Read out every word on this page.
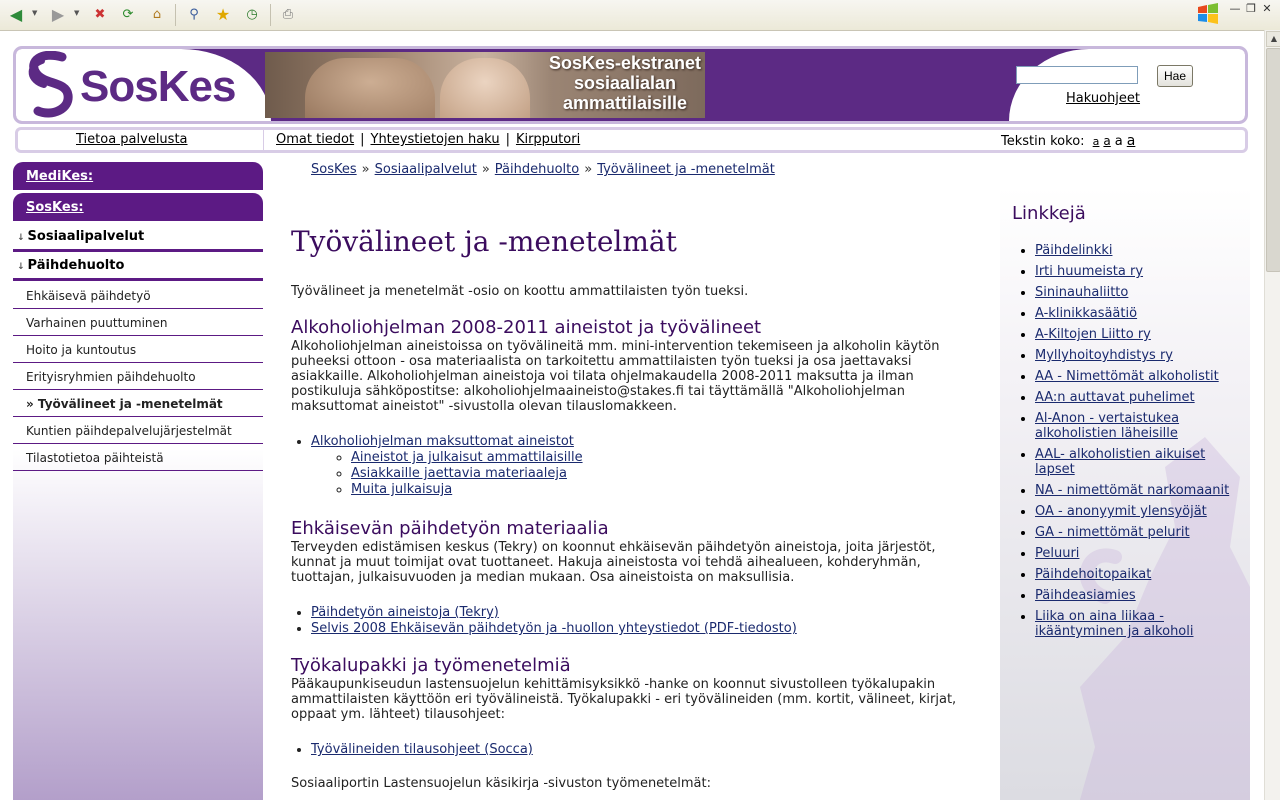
◀	▼ ▶	▼	✖	⟳	⌂	⚲	★	◷	⎙	— ❐ ✕
▲
SosKes	SosKes-ekstranet sosiaalialan ammattilaisille
Hae
Hakuohjeet
Tietoa palvelusta	Omat tiedot | Yhteystietojen haku | Kirpputori	Tekstin koko: a a a a
MediKes:
SosKes:
↓ Sosiaalipalvelut
↓ Päihdehuolto
Ehkäisevä päihdetyö
Varhainen puuttuminen
Hoito ja kuntoutus
Erityisryhmien päihdehuolto
» Työvälineet ja -menetelmät
Kuntien päihdepalvelujärjestelmät
Tilastotietoa päihteistä
SosKes » Sosiaalipalvelut » Päihdehuolto » Työvälineet ja -menetelmät
Työvälineet ja -menetelmät

Työvälineet ja menetelmät -osio on koottu ammattilaisten työn tueksi.

Alkoholiohjelman 2008-2011 aineistot ja työvälineet

Alkoholiohjelman aineistoissa on työvälineitä mm. mini-intervention tekemiseen ja alkoholin käytön puheeksi ottoon - osa materiaalista on tarkoitettu ammattilaisten työn tueksi ja osa jaettavaksi asiakkaille. Alkoholiohjelman aineistoja voi tilata ohjelmakaudella 2008-2011 maksutta ja ilman postikuluja sähköpostitse: alkoholiohjelmaaineisto@stakes.fi tai täyttämällä "Alkoholiohjelman maksuttomat aineistot" -sivustolla olevan tilauslomakkeen.

• Alkoholiohjelman maksuttomat aineistot
◦ Aineistot ja julkaisut ammattilaisille
◦ Asiakkaille jaettavia materiaaleja
◦ Muita julkaisuja
Ehkäisevän päihdetyön materiaalia

Terveyden edistämisen keskus (Tekry) on koonnut ehkäisevän päihdetyön aineistoja, joita järjestöt, kunnat ja muut toimijat ovat tuottaneet. Hakuja aineistosta voi tehdä aihealueen, kohderyhmän, tuottajan, julkaisuvuoden ja median mukaan. Osa aineistoista on maksullisia.

• Päihdetyön aineistoja (Tekry)
• Selvis 2008 Ehkäisevän päihdetyön ja -huollon yhteystiedot (PDF-tiedosto)
Työkalupakki ja työmenetelmiä

Pääkaupunkiseudun lastensuojelun kehittämisyksikkö -hanke on koonnut sivustolleen työkalupakin ammattilaisten käyttöön eri työvälineistä. Työkalupakki - eri työvälineiden (mm. kortit, välineet, kirjat, oppaat ym. lähteet) tilausohjeet:

• Työvälineiden tilausohjeet (Socca)

Sosiaaliportin Lastensuojelun käsikirja -sivuston työmenetelmät:

Linkkejä
• Päihdelinkki
• Irti huumeista ry
• Sininauhaliitto
• A-klinikkasäätiö
• A-Kiltojen Liitto ry
• Myllyhoitoyhdistys ry
• AA - Nimettömät alkoholistit
• AA:n auttavat puhelimet
• Al-Anon - vertaistukea alkoholistien läheisille
• AAL- alkoholistien aikuiset lapset
• NA - nimettömät narkomaanit
• OA - anonyymit ylensyöjät
• GA - nimettömät pelurit
• Peluuri
• Päihdehoitopaikat
• Päihdeasiamies
• Liika on aina liikaa - ikääntyminen ja alkoholi
